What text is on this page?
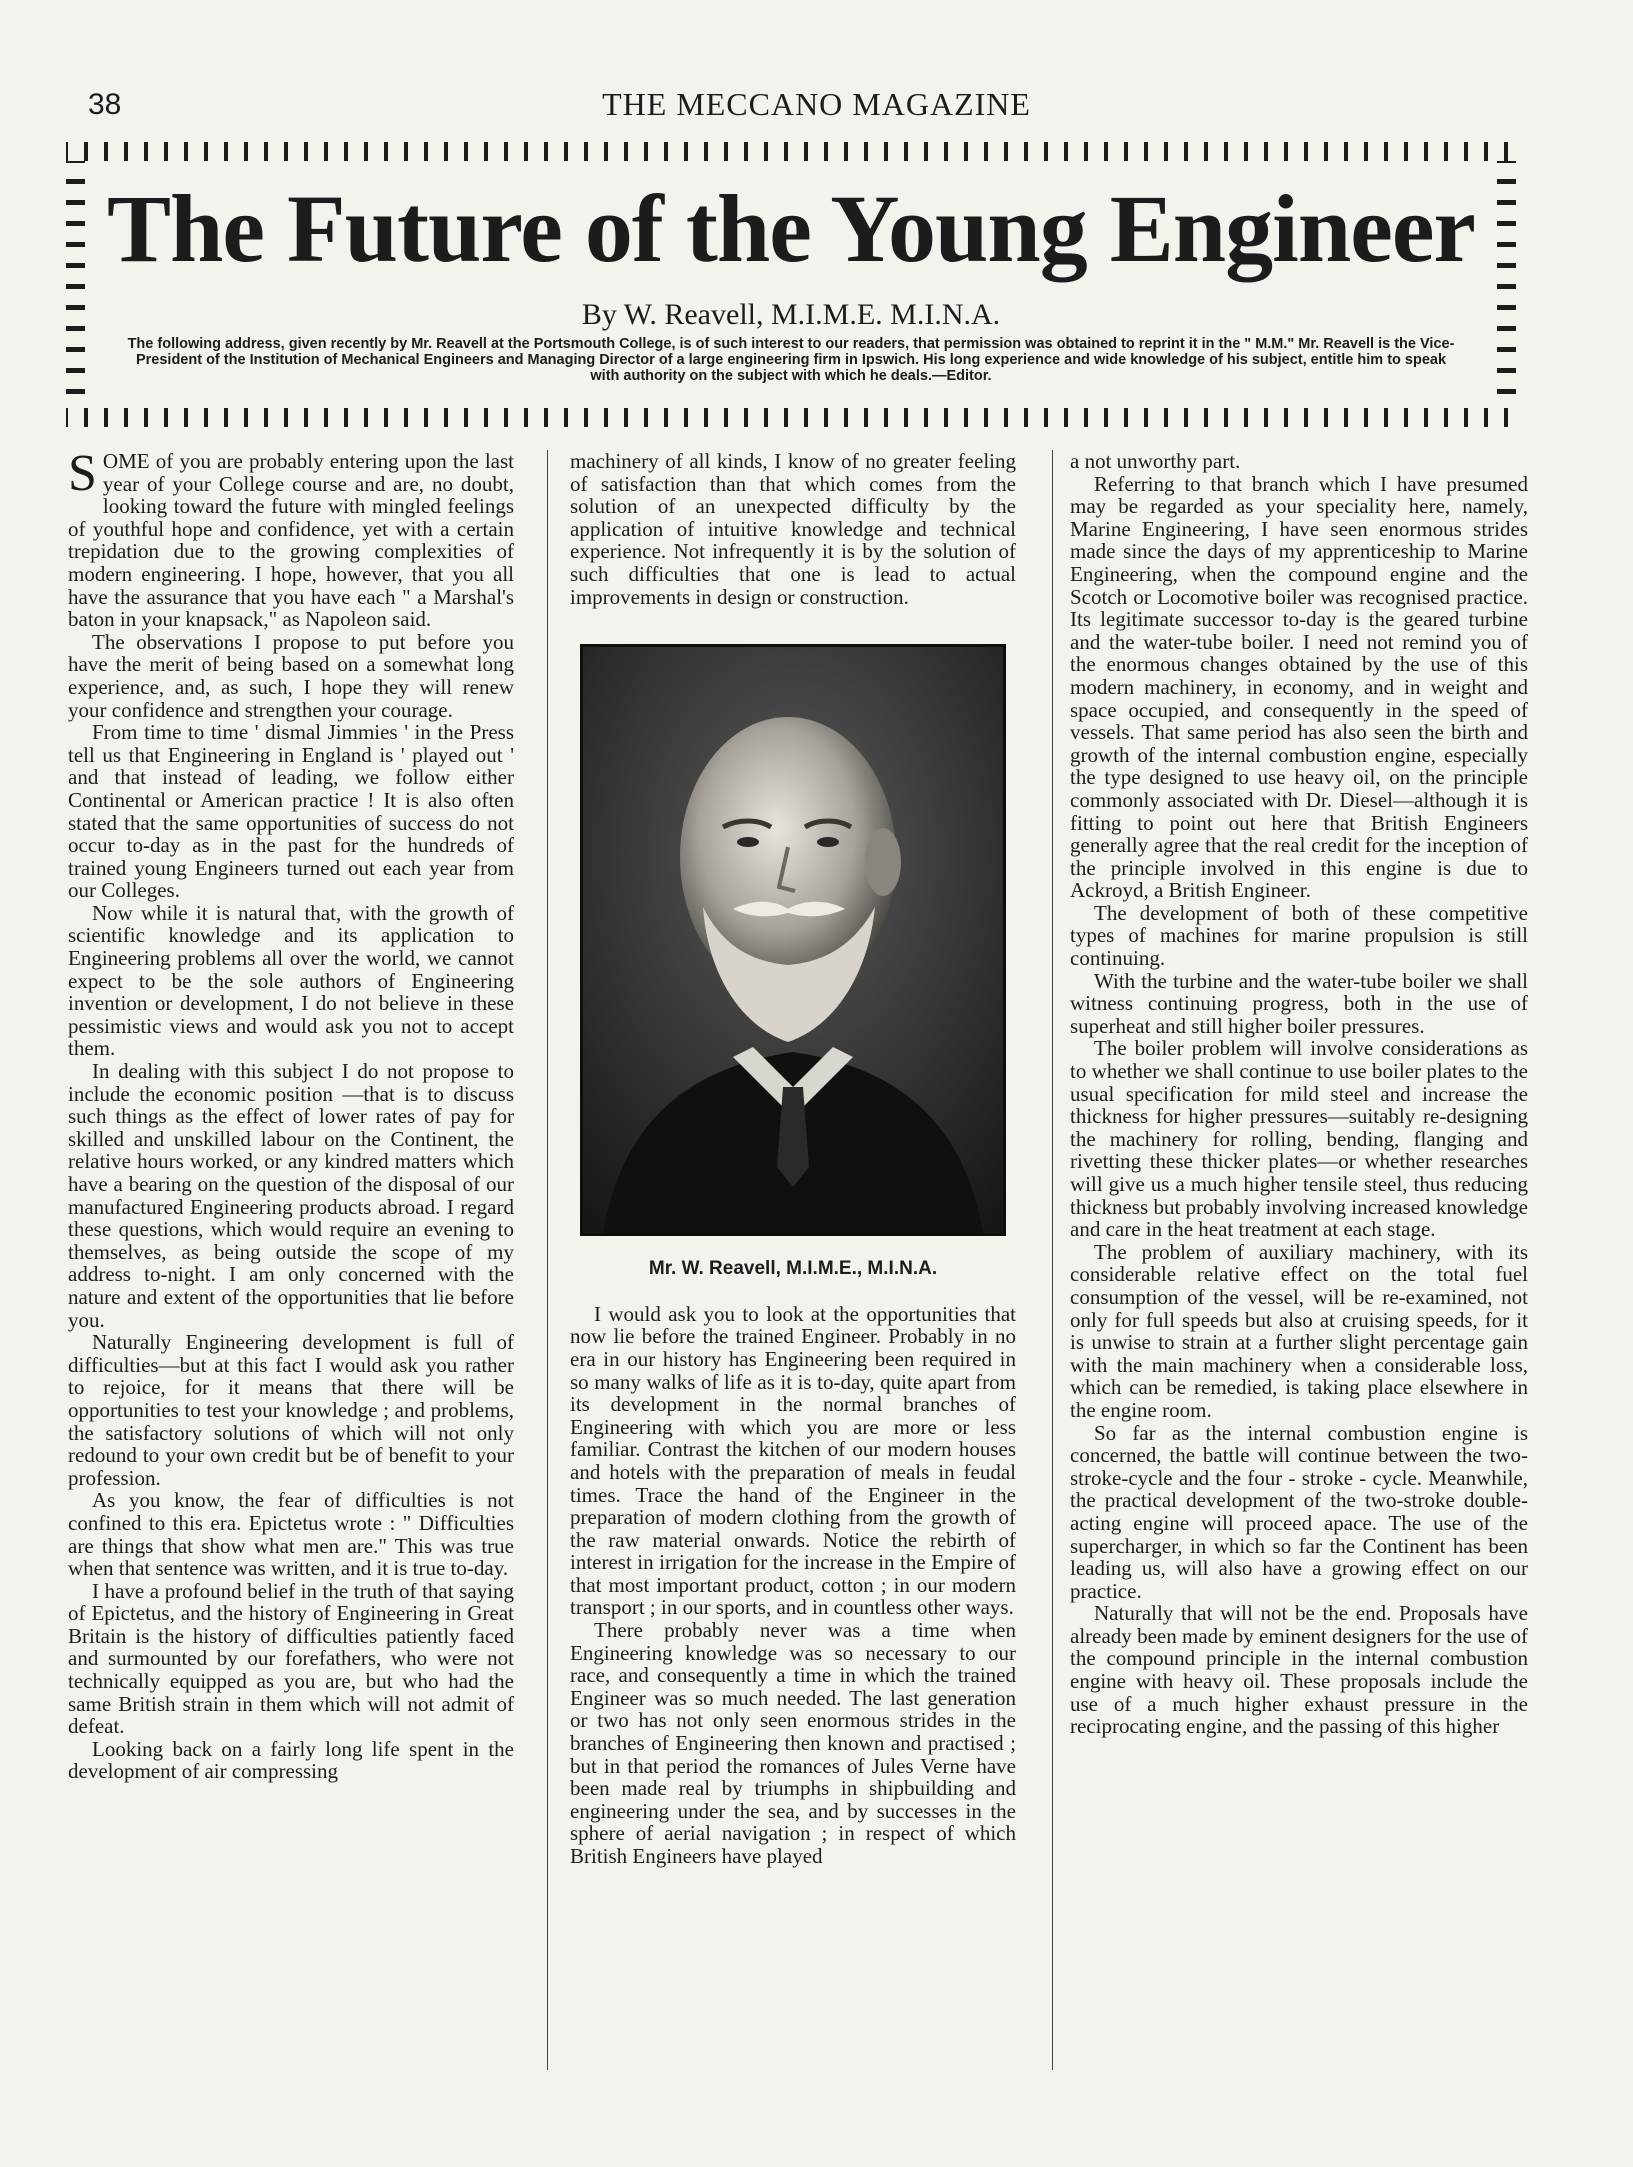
38	THE MECCANO MAGAZINE
The Future of the Young Engineer
By W. Reavell, M.I.M.E. M.I.N.A.
The following address, given recently by Mr. Reavell at the Portsmouth College, is of such interest to our readers, that permission was obtained to reprint it in the " M.M." Mr. Reavell is the Vice-President of the Institution of Mechanical Engineers and Managing Director of a large engineering firm in Ipswich. His long experience and wide knowledge of his subject, entitle him to speak with authority on the subject with which he deals.—Editor.

SOME of you are probably entering upon the last year of your College course and are, no doubt, looking toward the future with mingled feelings of youthful hope and confidence, yet with a certain trepidation due to the growing complexities of modern engineering. I hope, however, that you all have the assurance that you have each " a Marshal's baton in your knapsack," as Napoleon said.

The observations I propose to put before you have the merit of being based on a somewhat long experience, and, as such, I hope they will renew your confidence and strengthen your courage.

From time to time ' dismal Jimmies ' in the Press tell us that Engineering in England is ' played out ' and that instead of leading, we follow either Continental or American practice ! It is also often stated that the same opportunities of success do not occur to-day as in the past for the hundreds of trained young Engineers turned out each year from our Colleges.

Now while it is natural that, with the growth of scientific knowledge and its application to Engineering problems all over the world, we cannot expect to be the sole authors of Engineering invention or development, I do not believe in these pessimistic views and would ask you not to accept them.

In dealing with this subject I do not propose to include the economic position —that is to discuss such things as the effect of lower rates of pay for skilled and unskilled labour on the Continent, the relative hours worked, or any kindred matters which have a bearing on the question of the disposal of our manufactured Engineering products abroad. I regard these questions, which would require an evening to themselves, as being outside the scope of my address to-night. I am only concerned with the nature and extent of the opportunities that lie before you.

Naturally Engineering development is full of difficulties—but at this fact I would ask you rather to rejoice, for it means that there will be opportunities to test your knowledge ; and problems, the satisfactory solutions of which will not only redound to your own credit but be of benefit to your profession.

As you know, the fear of difficulties is not confined to this era. Epictetus wrote : " Difficulties are things that show what men are." This was true when that sentence was written, and it is true to-day.

I have a profound belief in the truth of that saying of Epictetus, and the history of Engineering in Great Britain is the history of difficulties patiently faced and surmounted by our forefathers, who were not technically equipped as you are, but who had the same British strain in them which will not admit of defeat.

Looking back on a fairly long life spent in the development of air compressing

machinery of all kinds, I know of no greater feeling of satisfaction than that which comes from the solution of an unexpected difficulty by the application of intuitive knowledge and technical experience. Not infrequently it is by the solution of such difficulties that one is lead to actual improvements in design or construction.

Mr. W. Reavell, M.I.M.E., M.I.N.A.

I would ask you to look at the opportunities that now lie before the trained Engineer. Probably in no era in our history has Engineering been required in so many walks of life as it is to-day, quite apart from its development in the normal branches of Engineering with which you are more or less familiar. Contrast the kitchen of our modern houses and hotels with the preparation of meals in feudal times. Trace the hand of the Engineer in the preparation of modern clothing from the growth of the raw material onwards. Notice the rebirth of interest in irrigation for the increase in the Empire of that most important product, cotton ; in our modern transport ; in our sports, and in countless other ways.

There probably never was a time when Engineering knowledge was so necessary to our race, and consequently a time in which the trained Engineer was so much needed. The last generation or two has not only seen enormous strides in the branches of Engineering then known and practised ; but in that period the romances of Jules Verne have been made real by triumphs in shipbuilding and engineering under the sea, and by successes in the sphere of aerial navigation ; in respect of which British Engineers have played

a not unworthy part.

Referring to that branch which I have presumed may be regarded as your speciality here, namely, Marine Engineering, I have seen enormous strides made since the days of my apprenticeship to Marine Engineering, when the compound engine and the Scotch or Locomotive boiler was recognised practice. Its legitimate successor to-day is the geared turbine and the water-tube boiler. I need not remind you of the enormous changes obtained by the use of this modern machinery, in economy, and in weight and space occupied, and consequently in the speed of vessels. That same period has also seen the birth and growth of the internal combustion engine, especially the type designed to use heavy oil, on the principle commonly associated with Dr. Diesel—although it is fitting to point out here that British Engineers generally agree that the real credit for the inception of the principle involved in this engine is due to Ackroyd, a British Engineer.

The development of both of these competitive types of machines for marine propulsion is still continuing.

With the turbine and the water-tube boiler we shall witness continuing progress, both in the use of superheat and still higher boiler pressures.

The boiler problem will involve considerations as to whether we shall continue to use boiler plates to the usual specification for mild steel and increase the thickness for higher pressures—suitably re-designing the machinery for rolling, bending, flanging and rivetting these thicker plates—or whether researches will give us a much higher tensile steel, thus reducing thickness but probably involving increased knowledge and care in the heat treatment at each stage.

The problem of auxiliary machinery, with its considerable relative effect on the total fuel consumption of the vessel, will be re-examined, not only for full speeds but also at cruising speeds, for it is unwise to strain at a further slight percentage gain with the main machinery when a considerable loss, which can be remedied, is taking place elsewhere in the engine room.

So far as the internal combustion engine is concerned, the battle will continue between the two-stroke-cycle and the four - stroke - cycle. Meanwhile, the practical development of the two-stroke double-acting engine will proceed apace. The use of the supercharger, in which so far the Continent has been leading us, will also have a growing effect on our practice.

Naturally that will not be the end. Proposals have already been made by eminent designers for the use of the compound principle in the internal combustion engine with heavy oil. These proposals include the use of a much higher exhaust pressure in the reciprocating engine, and the passing of this higher
